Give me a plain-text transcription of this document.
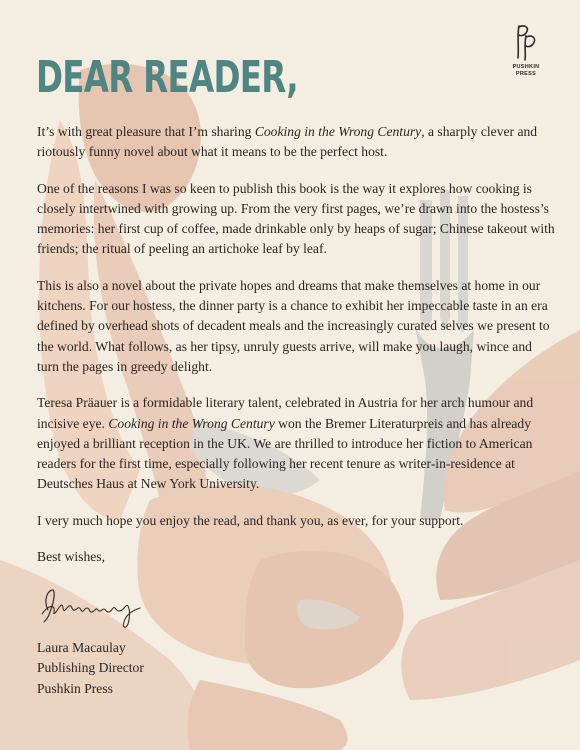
PUSHKIN
PRESS
DEAR READER,

It’s with great pleasure that I’m sharing Cooking in the Wrong Century, a sharply clever and riotously funny novel about what it means to be the perfect host.

One of the reasons I was so keen to publish this book is the way it explores how cooking is closely intertwined with growing up. From the very first pages, we’re drawn into the hostess’s memories: her first cup of coffee, made drinkable only by heaps of sugar; Chinese takeout with friends; the ritual of peeling an artichoke leaf by leaf.

This is also a novel about the private hopes and dreams that make themselves at home in our kitchens. For our hostess, the dinner party is a chance to exhibit her impeccable taste in an era defined by overhead shots of decadent meals and the increasingly curated selves we present to the world. What follows, as her tipsy, unruly guests arrive, will make you laugh, wince and turn the pages in greedy delight.

Teresa Präauer is a formidable literary talent, celebrated in Austria for her arch humour and incisive eye. Cooking in the Wrong Century won the Bremer Literaturpreis and has already enjoyed a brilliant reception in the UK. We are thrilled to introduce her fiction to American readers for the first time, especially following her recent tenure as writer-in-residence at Deutsches Haus at New York University.

I very much hope you enjoy the read, and thank you, as ever, for your support.

Best wishes,

Laura Macaulay
Publishing Director
Pushkin Press
